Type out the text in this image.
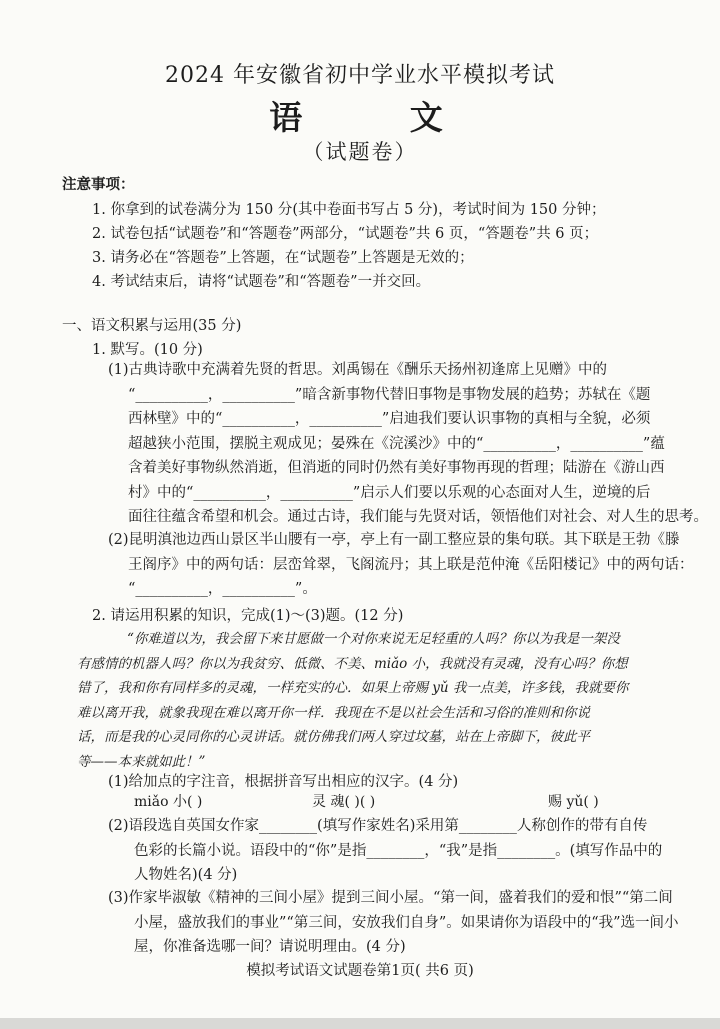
2024 年安徽省初中学业水平模拟考试
语 文
（试题卷）
注意事项：
1. 你拿到的试卷满分为 150 分(其中卷面书写占 5 分)，考试时间为 150 分钟；
2. 试卷包括“试题卷”和“答题卷”两部分，“试题卷”共 6 页，“答题卷”共 6 页；
3. 请务必在“答题卷”上答题，在“试题卷”上答题是无效的；
4. 考试结束后，请将“试题卷”和“答题卷”一并交回。
一、语文积累与运用(35 分)
1. 默写。(10 分)
(1)古典诗歌中充满着先贤的哲思。刘禹锡在《酬乐天扬州初逢席上见赠》中的
“__________，__________”暗含新事物代替旧事物是事物发展的趋势；苏轼在《题
西林壁》中的“__________，__________”启迪我们要认识事物的真相与全貌，必须
超越狭小范围，摆脱主观成见；晏殊在《浣溪沙》中的“__________，__________”蕴
含着美好事物纵然消逝，但消逝的同时仍然有美好事物再现的哲理；陆游在《游山西
村》中的“__________，__________”启示人们要以乐观的心态面对人生，逆境的后
面往往蕴含希望和机会。通过古诗，我们能与先贤对话，领悟他们对社会、对人生的思考。
(2)昆明滇池边西山景区半山腰有一亭，亭上有一副工整应景的集句联。其下联是王勃《滕
王阁序》中的两句话：层峦耸翠，飞阁流丹；其上联是范仲淹《岳阳楼记》中的两句话：
“__________，__________”。
2. 请运用积累的知识，完成(1)～(3)题。(12 分)
“你难道以为，我会留下来甘愿做一个对你来说无足轻重的人吗？你以为我是一架没
有感情的机器人吗？你以为我贫穷、低微、不美、miǎo 小，我就没有灵魂，没有心吗？你想
错了，我和你有同样多的灵魂，一样充实的心．如果上帝赐 yǔ 我一点美，许多钱，我就要你
难以离开我，就象我现在难以离开你一样．我现在不是以社会生活和习俗的准则和你说
话，而是我的心灵同你的心灵讲话。就仿佛我们两人穿过坟墓，站在上帝脚下，彼此平
等——本来就如此！”
(1)给加点的字注音，根据拼音写出相应的汉字。(4 分)
miǎo 小( )	灵 魂( )( )	赐 yǔ( )
(2)语段选自英国女作家________(填写作家姓名)采用第________人称创作的带有自传
色彩的长篇小说。语段中的“你”是指________，“我”是指________。(填写作品中的
人物姓名)(4 分)
(3)作家毕淑敏《精神的三间小屋》提到三间小屋。“第一间，盛着我们的爱和恨”“第二间
小屋，盛放我们的事业”“第三间，安放我们自身”。如果请你为语段中的“我”选一间小
屋，你准备选哪一间？请说明理由。(4 分)
模拟考试语文试题卷第1页( 共6 页)
